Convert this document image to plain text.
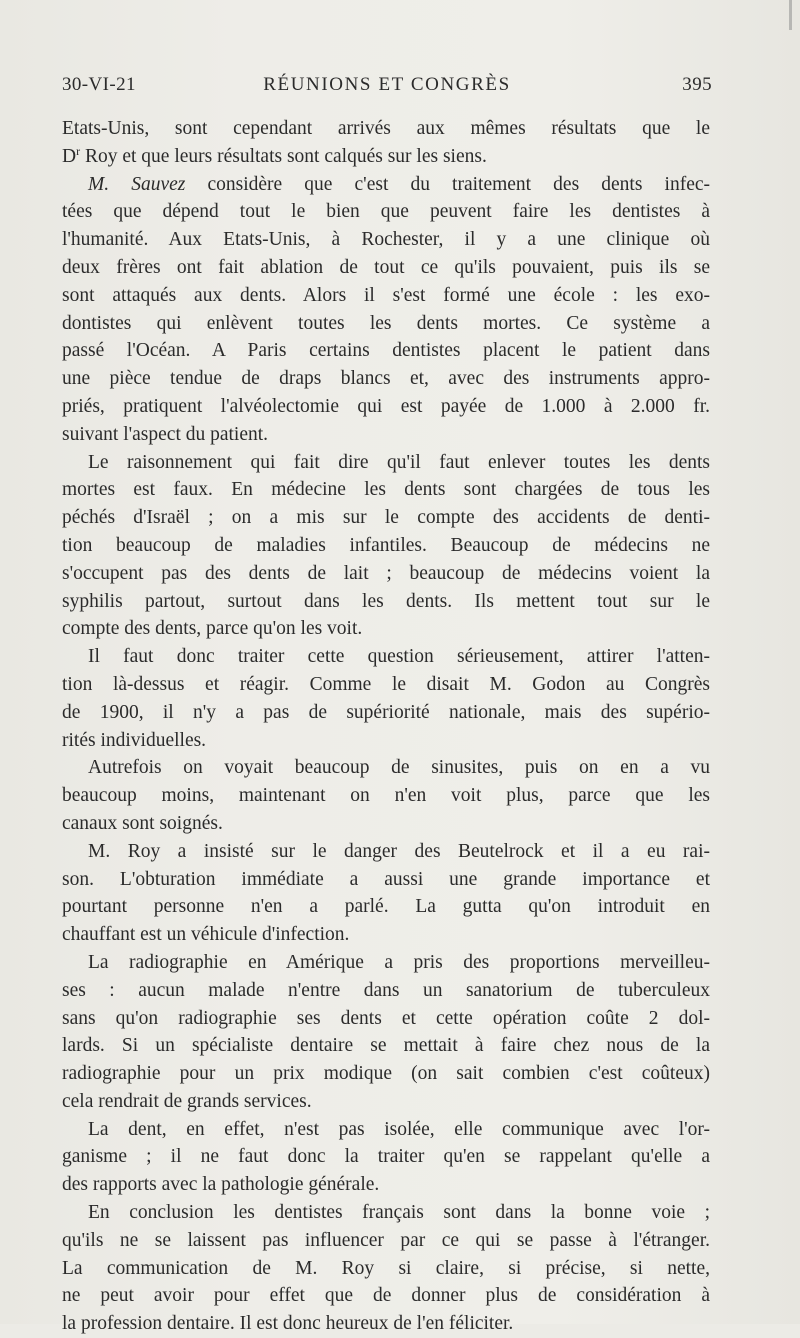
30-VI-21	RÉUNIONS ET CONGRÈS	395
Etats-Unis, sont cependant arrivés aux mêmes résultats que le
$D^r$ Roy et que leurs résultats sont calqués sur les siens.
M. Sauvez considère que c'est du traitement des dents infec-
tées que dépend tout le bien que peuvent faire les dentistes à
l'humanité. Aux Etats-Unis, à Rochester, il y a une clinique où
deux frères ont fait ablation de tout ce qu'ils pouvaient, puis ils se
sont attaqués aux dents. Alors il s'est formé une école : les exo-
dontistes qui enlèvent toutes les dents mortes. Ce système a
passé l'Océan. A Paris certains dentistes placent le patient dans
une pièce tendue de draps blancs et, avec des instruments appro-
priés, pratiquent l'alvéolectomie qui est payée de 1.000 à 2.000 fr.
suivant l'aspect du patient.
Le raisonnement qui fait dire qu'il faut enlever toutes les dents
mortes est faux. En médecine les dents sont chargées de tous les
péchés d'Israël ; on a mis sur le compte des accidents de denti-
tion beaucoup de maladies infantiles. Beaucoup de médecins ne
s'occupent pas des dents de lait ; beaucoup de médecins voient la
syphilis partout, surtout dans les dents. Ils mettent tout sur le
compte des dents, parce qu'on les voit.
Il faut donc traiter cette question sérieusement, attirer l'atten-
tion là-dessus et réagir. Comme le disait M. Godon au Congrès
de 1900, il n'y a pas de supériorité nationale, mais des supério-
rités individuelles.
Autrefois on voyait beaucoup de sinusites, puis on en a vu
beaucoup moins, maintenant on n'en voit plus, parce que les
canaux sont soignés.
M. Roy a insisté sur le danger des Beutelrock et il a eu rai-
son. L'obturation immédiate a aussi une grande importance et
pourtant personne n'en a parlé. La gutta qu'on introduit en
chauffant est un véhicule d'infection.
La radiographie en Amérique a pris des proportions merveilleu-
ses : aucun malade n'entre dans un sanatorium de tuberculeux
sans qu'on radiographie ses dents et cette opération coûte 2 dol-
lards. Si un spécialiste dentaire se mettait à faire chez nous de la
radiographie pour un prix modique (on sait combien c'est coûteux)
cela rendrait de grands services.
La dent, en effet, n'est pas isolée, elle communique avec l'or-
ganisme ; il ne faut donc la traiter qu'en se rappelant qu'elle a
des rapports avec la pathologie générale.
En conclusion les dentistes français sont dans la bonne voie ;
qu'ils ne se laissent pas influencer par ce qui se passe à l'étranger.
La communication de M. Roy si claire, si précise, si nette,
ne peut avoir pour effet que de donner plus de considération à
la profession dentaire. Il est donc heureux de l'en féliciter.
